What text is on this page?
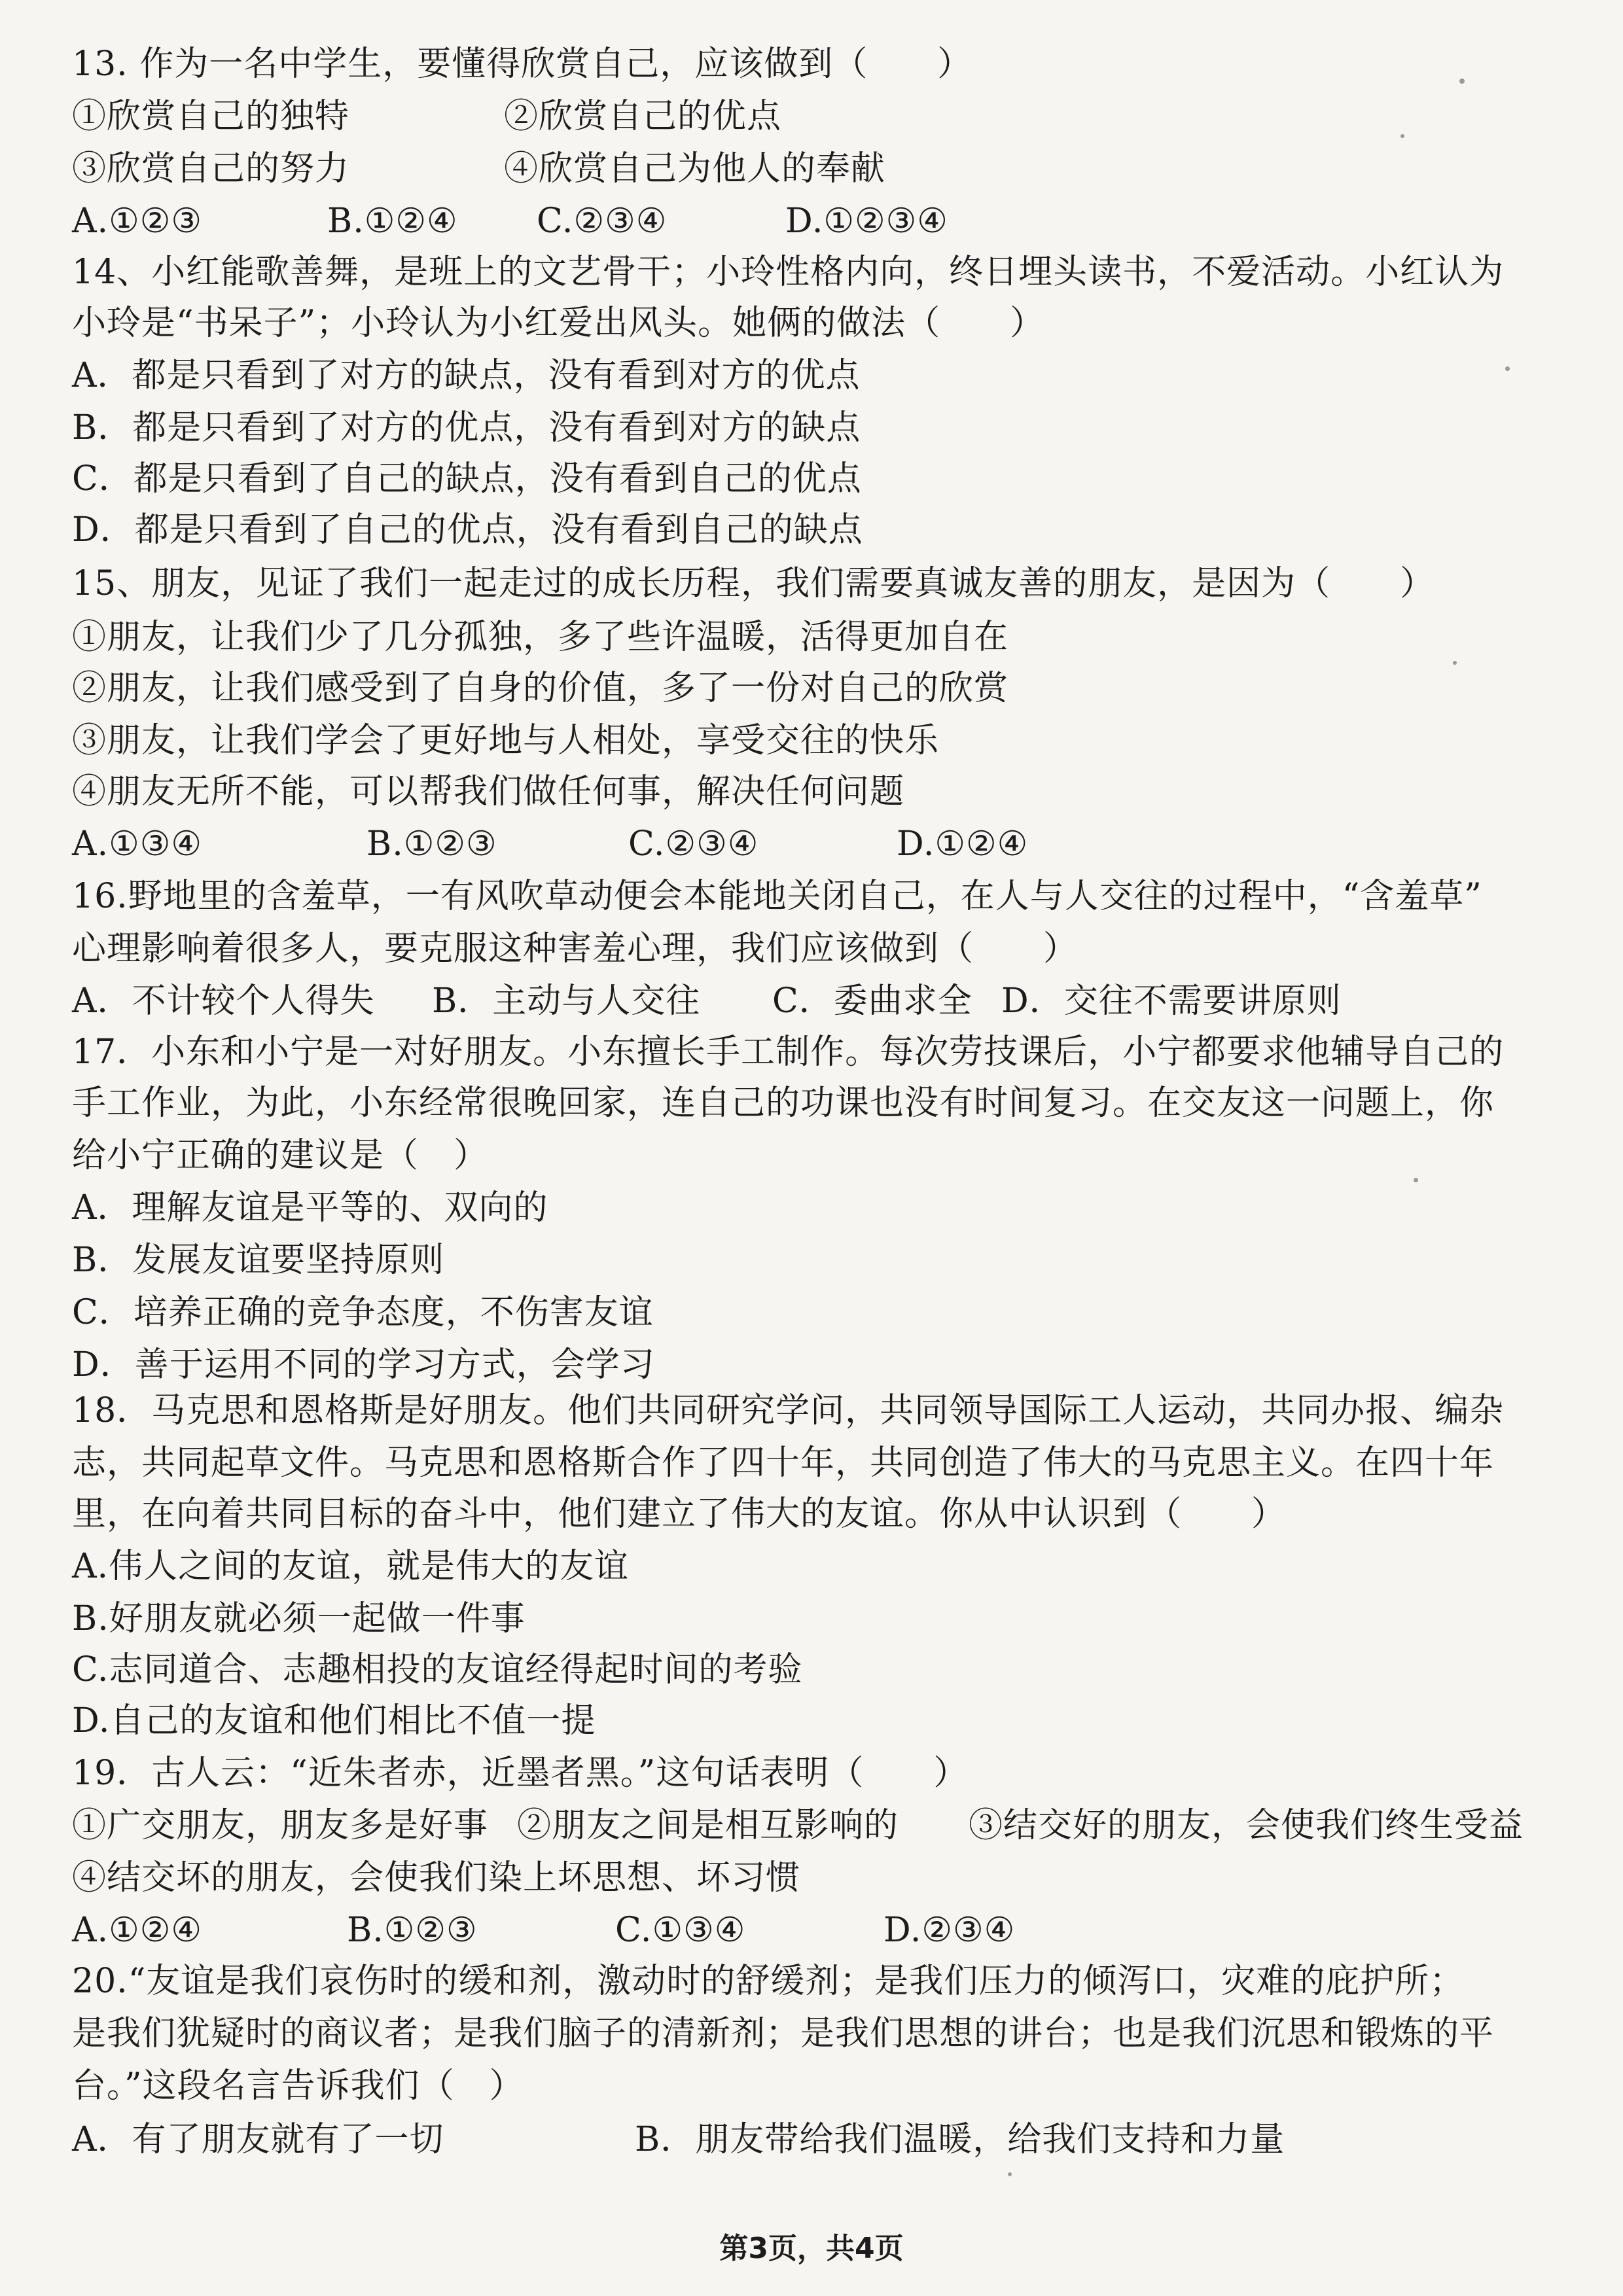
13. 作为一名中学生，要懂得欣赏自己，应该做到（　　）
①欣赏自己的独特	②欣赏自己的优点
③欣赏自己的努力	④欣赏自己为他人的奉献
A.①②③	B.①②④ C.②③④	D.①②③④
14、小红能歌善舞，是班上的文艺骨干；小玲性格内向，终日埋头读书，不爱活动。小红认为
小玲是“书呆子”；小玲认为小红爱出风头。她俩的做法（　　）
A．都是只看到了对方的缺点，没有看到对方的优点
B．都是只看到了对方的优点，没有看到对方的缺点
C．都是只看到了自己的缺点，没有看到自己的优点
D．都是只看到了自己的优点，没有看到自己的缺点
15、朋友，见证了我们一起走过的成长历程，我们需要真诚友善的朋友，是因为（　　）
①朋友，让我们少了几分孤独，多了些许温暖，活得更加自在
②朋友，让我们感受到了自身的价值，多了一份对自己的欣赏
③朋友，让我们学会了更好地与人相处，享受交往的快乐
④朋友无所不能，可以帮我们做任何事，解决任何问题
A.①③④	B.①②③	C.②③④	D.①②④
16.野地里的含羞草，一有风吹草动便会本能地关闭自己，在人与人交往的过程中，“含羞草”
心理影响着很多人，要克服这种害羞心理，我们应该做到（　　）
A．不计较个人得失 B．主动与人交往 C．委曲求全 D．交往不需要讲原则
17．小东和小宁是一对好朋友。小东擅长手工制作。每次劳技课后，小宁都要求他辅导自己的
手工作业，为此，小东经常很晚回家，连自己的功课也没有时间复习。在交友这一问题上，你
给小宁正确的建议是（　）
A．理解友谊是平等的、双向的
B．发展友谊要坚持原则
C．培养正确的竞争态度，不伤害友谊
D．善于运用不同的学习方式，会学习
18．马克思和恩格斯是好朋友。他们共同研究学问，共同领导国际工人运动，共同办报、编杂
志，共同起草文件。马克思和恩格斯合作了四十年，共同创造了伟大的马克思主义。在四十年
里，在向着共同目标的奋斗中，他们建立了伟大的友谊。你从中认识到（　　）
A.伟人之间的友谊，就是伟大的友谊
B.好朋友就必须一起做一件事
C.志同道合、志趣相投的友谊经得起时间的考验
D.自己的友谊和他们相比不值一提
19．古人云：“近朱者赤，近墨者黑。”这句话表明（　　）
①广交朋友，朋友多是好事 ②朋友之间是相互影响的 ③结交好的朋友，会使我们终生受益
④结交坏的朋友，会使我们染上坏思想、坏习惯
A.①②④	B.①②③	C.①③④	D.②③④
20.“友谊是我们哀伤时的缓和剂，激动时的舒缓剂；是我们压力的倾泻口，灾难的庇护所；
是我们犹疑时的商议者；是我们脑子的清新剂；是我们思想的讲台；也是我们沉思和锻炼的平
台。”这段名言告诉我们（　）
A．有了朋友就有了一切	B．朋友带给我们温暖，给我们支持和力量
第3页，共4页
